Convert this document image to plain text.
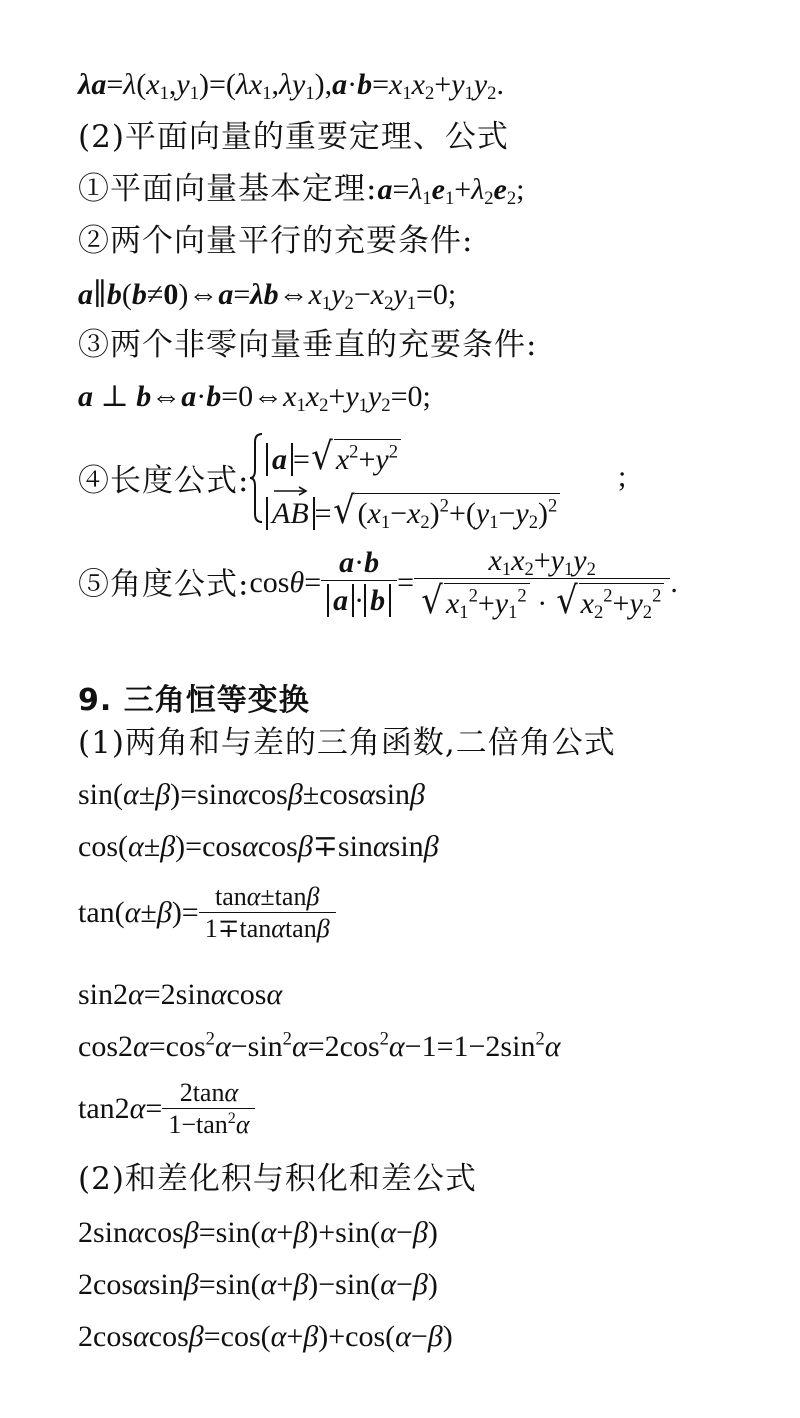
$\lambda a=\lambda(x_1,y_1)=(\lambda x_1,\lambda y_1),a\cdot b=x_1x_2+y_1y_2$.
(2)平面向量的重要定理、公式
①平面向量基本定理$:a=\lambda_1e_1+\lambda_2e_2$;
②两个向量平行的充要条件:
$a\parallel b(b\ne 0)\Leftrightarrow a=\lambda b\Leftrightarrow x_1y_2-x_2y_1=0$;
③两个非零向量垂直的充要条件:
a ⊥ $b\Leftrightarrow a\cdot b=0\Leftrightarrow x_1x_2+y_1y_2=0$;
④长度公式:
a = √ $x^2+y^2$
AB = √ $(x_1-x_2)^2+(y_1-y_2)^2$
;
⑤角度公式:cosθ= $\frac{a\cdot b}{a \cdot b} = \frac{x_1x_2+y_1y_2}{√ x_1^2+y_1^2 \cdot √ x_2^2+y_2^2}$ .
9. 三角恒等变换
(1)两角和与差的三角函数,二倍角公式
sin(α±β)=sinαcosβ±cosαsinβ
cos(α±β)=cosαcosβ∓sinαsinβ
$\tan(\alpha\pm\beta)= \frac{\tan\alpha\pm\tan\beta}{1\mp\tan\alpha\tan\beta}$
sin2α=2sinαcosα
$\cos 2\alpha=\cos^2\alpha-\sin^2\alpha=2\cos^2\alpha-1=1-2\sin^2\alpha$
$\tan 2\alpha= \frac{2\tan\alpha}{1-\tan^2\alpha}$
(2)和差化积与积化和差公式
2sinαcosβ=sin(α+β)+sin(α−β)
2cosαsinβ=sin(α+β)−sin(α−β)
2cosαcosβ=cos(α+β)+cos(α−β)
